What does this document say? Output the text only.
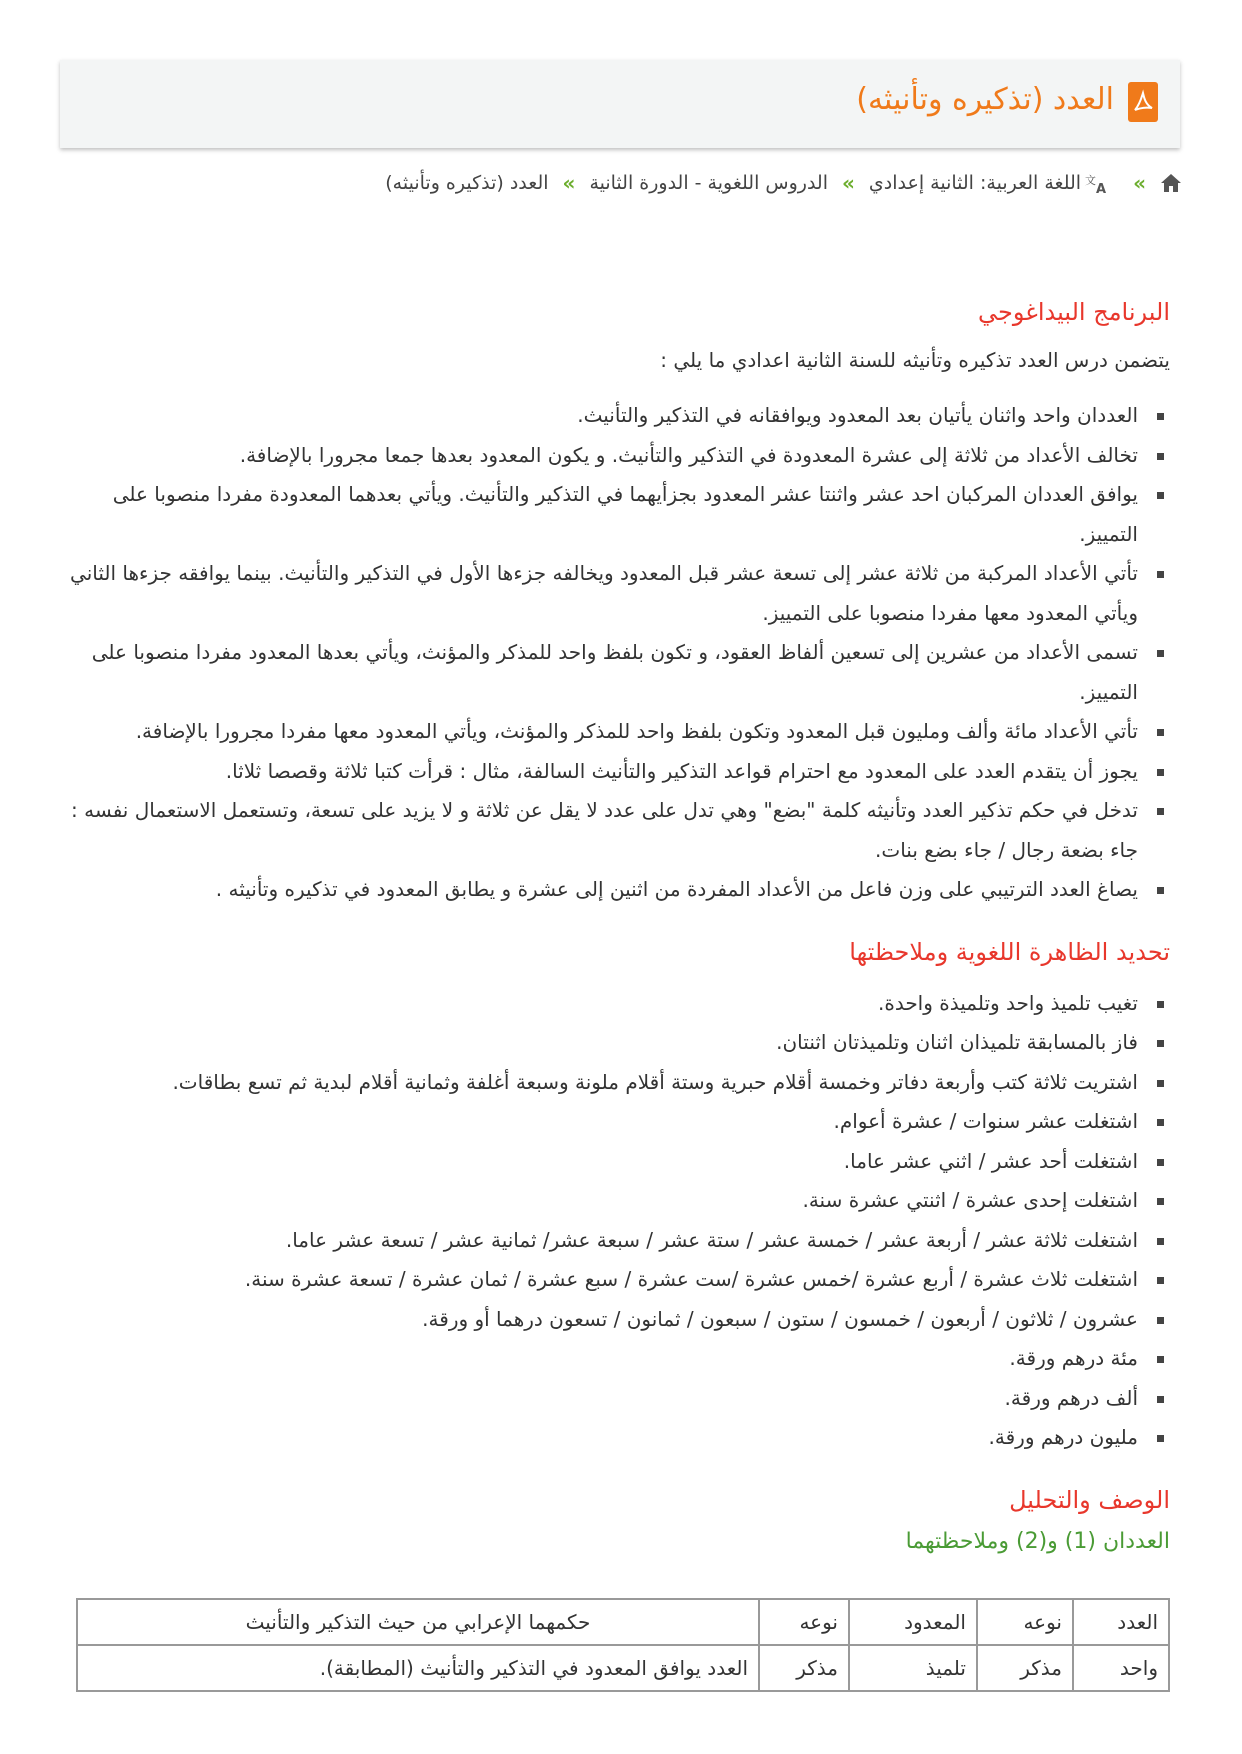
العدد (تذكيره وتأنيثه)
»
文
A
اللغة العربية: الثانية إعدادي
»
الدروس اللغوية - الدورة الثانية
»
العدد (تذكيره وتأنيثه)
البرنامج البيداغوجي

يتضمن درس العدد تذكيره وتأنيثه للسنة الثانية اعدادي ما يلي :

العددان واحد واثنان يأتيان بعد المعدود ويوافقانه في التذكير والتأنيث.
تخالف الأعداد من ثلاثة إلى عشرة المعدودة في التذكير والتأنيث. و يكون المعدود بعدها جمعا مجرورا بالإضافة.
يوافق العددان المركبان احد عشر واثنتا عشر المعدود بجزأيهما في التذكير والتأنيث. ويأتي بعدهما المعدودة مفردا منصوبا على التمييز.
تأتي الأعداد المركبة من ثلاثة عشر إلى تسعة عشر قبل المعدود ويخالفه جزءها الأول في التذكير والتأنيث. بينما يوافقه جزءها الثاني ويأتي المعدود معها مفردا منصوبا على التمييز.
تسمى الأعداد من عشرين إلى تسعين ألفاظ العقود، و تكون بلفظ واحد للمذكر والمؤنث، ويأتي بعدها المعدود مفردا منصوبا على التمييز.
تأتي الأعداد مائة وألف ومليون قبل المعدود وتكون بلفظ واحد للمذكر والمؤنث، ويأتي المعدود معها مفردا مجرورا بالإضافة.
يجوز أن يتقدم العدد على المعدود مع احترام قواعد التذكير والتأنيث السالفة، مثال : قرأت كتبا ثلاثة وقصصا ثلاثا.
تدخل في حكم تذكير العدد وتأنيثه كلمة "بضع" وهي تدل على عدد لا يقل عن ثلاثة و لا يزيد على تسعة، وتستعمل الاستعمال نفسه : جاء بضعة رجال / جاء بضع بنات.
يصاغ العدد الترتيبي على وزن فاعل من الأعداد المفردة من اثنين إلى عشرة و يطابق المعدود في تذكيره وتأنيثه .
تحديد الظاهرة اللغوية وملاحظتها
تغيب تلميذ واحد وتلميذة واحدة.
فاز بالمسابقة تلميذان اثنان وتلميذتان اثنتان.
اشتريت ثلاثة كتب وأربعة دفاتر وخمسة أقلام حبرية وستة أقلام ملونة وسبعة أغلفة وثمانية أقلام لبدية ثم تسع بطاقات.
اشتغلت عشر سنوات / عشرة أعوام.
اشتغلت أحد عشر / اثني عشر عاما.
اشتغلت إحدى عشرة / اثنتي عشرة سنة.
اشتغلت ثلاثة عشر / أربعة عشر / خمسة عشر / ستة عشر / سبعة عشر/ ثمانية عشر / تسعة عشر عاما.
اشتغلت ثلاث عشرة / أربع عشرة /خمس عشرة /ست عشرة / سبع عشرة / ثمان عشرة / تسعة عشرة سنة.
عشرون / ثلاثون / أربعون / خمسون / ستون / سبعون / ثمانون / تسعون درهما أو ورقة.
مئة درهم ورقة.
ألف درهم ورقة.
مليون درهم ورقة.
الوصف والتحليل
العددان (1) و(2) وملاحظتهما
العدد	نوعه	المعدود	نوعه	حكمهما الإعرابي من حيث التذكير والتأنيث
واحد	مذكر	تلميذ	مذكر	العدد يوافق المعدود في التذكير والتأنيث (المطابقة).
